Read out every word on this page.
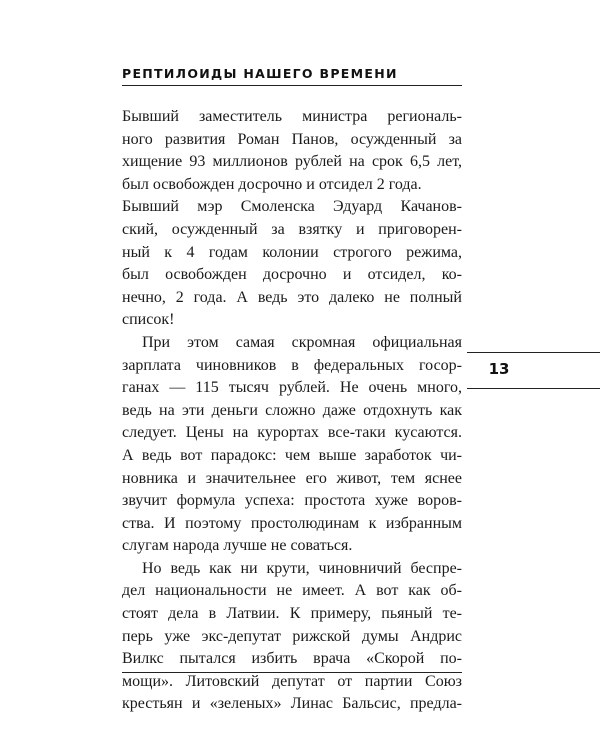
РЕПТИЛОИДЫ НАШЕГО ВРЕМЕНИ

Бывший заместитель министра региональ-
ного развития Роман Панов, осужденный за
хищение 93 миллионов рублей на срок 6,5 лет,
был освобожден досрочно и отсидел 2 года.

Бывший мэр Смоленска Эдуард Качанов-
ский, осужденный за взятку и приговорен-
ный к 4 годам колонии строгого режима,
был освобожден досрочно и отсидел, ко-
нечно, 2 года. А ведь это далеко не полный
список!

При этом самая скромная официальная
зарплата чиновников в федеральных госор-
ганах — 115 тысяч рублей. Не очень много,
ведь на эти деньги сложно даже отдохнуть как
следует. Цены на курортах все-таки кусаются.
А ведь вот парадокс: чем выше заработок чи-
новника и значительнее его живот, тем яснее
звучит формула успеха: простота хуже воров-
ства. И поэтому простолюдинам к избранным
слугам народа лучше не соваться.

Но ведь как ни крути, чиновничий беспре-
дел национальности не имеет. А вот как об-
стоят дела в Латвии. К примеру, пьяный те-
перь уже экс-депутат рижской думы Андрис
Вилкс пытался избить врача «Скорой по-
мощи». Литовский депутат от партии Союз
крестьян и «зеленых» Линас Бальсис, предла-

13
